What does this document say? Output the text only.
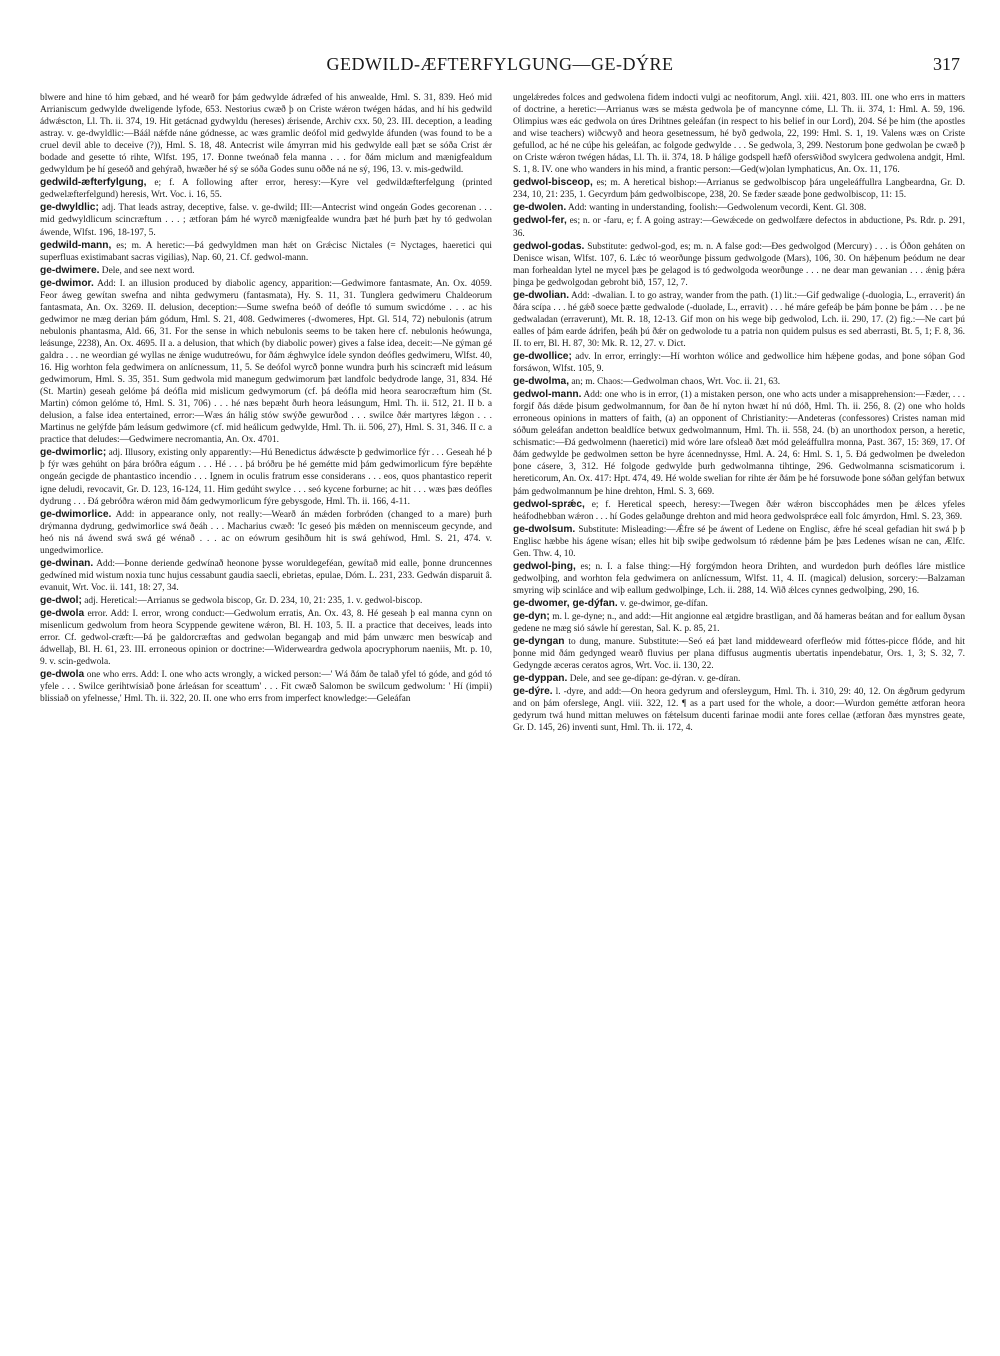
GEDWILD-ÆFTERFYLGUNG—GE-DÝRE	317

blwere and hine tó him gebæd, and hé wearð for þám gedwylde ádræfed of his anwealde, Hml. S. 31, 839. Heó mid Arrianiscum gedwylde dweligende lyfode, 653. Nestorius cwæð þ on Criste wǽron twégen hádas, and hí his gedwild ádwǽscton, Ll. Th. ii. 374, 19. Hit getácnad gydwyldu (hereses) ǽrisende, Archiv cxx. 50, 23. III. deception, a leading astray. v. ge-dwyldlic:—Báál nǽfde náne gódnesse, ac wæs gramlic deófol mid gedwylde áfunden (was found to be a cruel devil able to deceive (?)), Hml. S. 18, 48. Antecrist wile ámyrran mid his gedwylde eall þæt se sóða Crist ǽr bodade and gesette tó rihte, Wlfst. 195, 17. Ðonne tweónað fela manna . . . for ðám miclum and mænigfealdum gedwyldum þe hí geseóð and gehýrað, hwæðer hé sý se sóða Godes sunu oððe ná ne sý, 196, 13. v. mis-gedwild.

gedwild-æfterfylgung, e; f. A following after error, heresy:—Kyre vel gedwildæfterfelgung (printed gedwelæfterfelgund) heresis, Wrt. Voc. i. 16, 55.

ge-dwyldlic; adj. That leads astray, deceptive, false. v. ge-dwild; III:—Antecrist wind ongeán Godes gecorenan . . . mid gedwyldlicum scincræftum . . . ; ætforan þám hé wyrcð mænigfealde wundra þæt hé þurh þæt hy tó gedwolan áwende, Wlfst. 196, 18-197, 5.

gedwild-mann, es; m. A heretic:—Þá gedwyldmen man hǽt on Grǽcisc Nictales (= Nyctages, haeretici qui superfluas existimabant sacras vigilias), Nap. 60, 21. Cf. gedwol-mann.

ge-dwimere. Dele, and see next word.

ge-dwimor. Add: I. an illusion produced by diabolic agency, apparition:—Gedwimore fantasmate, An. Ox. 4059. Feor áweg gewítan swefna and nihta gedwymeru (fantasmata), Hy. S. 11, 31. Tunglera gedwimeru Chaldeorum fantasmata, An. Ox. 3269. II. delusion, deception:—Sume swefna beóð of deófle tó sumum swicdóme . . . ac his gedwimor ne mæg derian þám gódum, Hml. S. 21, 408. Gedwimeres (-dwomeres, Hpt. Gl. 514, 72) nebulonis (atrum nebulonis phantasma, Ald. 66, 31. For the sense in which nebulonis seems to be taken here cf. nebulonis heówunga, leásunge, 2238), An. Ox. 4695. II a. a delusion, that which (by diabolic power) gives a false idea, deceit:—Ne gýman gé galdra . . . ne weordian gé wyllas ne ǽnige wudutreówu, for ðám ǽghwylce ídele syndon deófles gedwimeru, Wlfst. 40, 16. Hig worhton fela gedwimera on anlícnessum, 11, 5. Se deófol wyrcð þonne wundra þurh his scincræft mid leásum gedwimorum, Hml. S. 35, 351. Sum gedwola mid manegum gedwimorum þæt landfolc bedydrode lange, 31, 834. Hé (St. Martin) geseah gelóme þá deófla mid mislicum gedwymorum (cf. þá deófla mid heora searocræftum him (St. Martin) cómon gelóme tó, Hml. S. 31, 706) . . . hé næs bepæht ðurh heora leásungum, Hml. Th. ii. 512, 21. II b. a delusion, a false idea entertained, error:—Wæs án hálig stów swýðe gewurðod . . . swilce ðǽr martyres lǽgon . . . Martinus ne gelýfde þám leásum gedwimore (cf. mid heálicum gedwylde, Hml. Th. ii. 506, 27), Hml. S. 31, 346. II c. a practice that deludes:—Gedwimere necromantia, An. Ox. 4701.

ge-dwimorlic; adj. Illusory, existing only apparently:—Hú Benedictus ádwǽscte þ gedwimorlice fýr . . . Geseah hé þ þ fýr wæs gehúht on þára bróðra eágum . . . Hé . . . þá bróðru þe hé gemétte mid þám gedwimorlicum fýre bepǽhte ongeán gecigde de phantastico incendio . . . Ignem in oculis fratrum esse considerans . . . eos, quos phantastico reperit igne deludi, revocavit, Gr. D. 123, 16-124, 11. Him gedúht swylce . . . seó kycene forburne; ac hit . . . wæs þæs deófles dydrung . . . Ðá gebróðra wǽron mid ðám gedwymorlicum fýre gebysgode, Hml. Th. ii. 166, 4-11.

ge-dwimorlice. Add: in appearance only, not really:—Wearð án mǽden forbróden (changed to a mare) þurh drýmanna dydrung, gedwimorlice swá ðeáh . . . Macharius cwæð: 'Ic geseó þis mǽden on mennisceum gecynde, and heó nis ná áwend swá swá gé wénað . . . ac on eówrum gesihðum hit is swá gehíwod, Hml. S. 21, 474. v. ungedwimorlice.

ge-dwinan. Add:—Þonne deriende gedwínað heonone þysse woruldegeféan, gewítað mid ealle, þonne druncennes gedwíned mid wistum noxia tunc hujus cessabunt gaudia saecli, ebrietas, epulae, Dóm. L. 231, 233. Gedwán disparuit â. evanuit, Wrt. Voc. ii. 141, 18: 27, 34.

ge-dwol; adj. Heretical:—Arrianus se gedwola biscop, Gr. D. 234, 10, 21: 235, 1. v. gedwol-biscop.

ge-dwola error. Add: I. error, wrong conduct:—Gedwolum erratis, An. Ox. 43, 8. Hé geseah þ eal manna cynn on misenlicum gedwolum from heora Scyppende gewitene wǽron, Bl. H. 103, 5. II. a practice that deceives, leads into error. Cf. gedwol-cræft:—Þá þe galdorcræftas and gedwolan begangaþ and mid þám unwærc men beswícaþ and ádwellaþ, Bl. H. 61, 23. III. erroneous opinion or doctrine:—Widerweardra gedwola apocryphorum naeniis, Mt. p. 10, 9. v. scin-gedwola.

ge-dwola one who errs. Add: I. one who acts wrongly, a wicked person:—' Wá ðám ðe talað yfel tó góde, and gód tó yfele . . . Swilce gerihtwísiað þone árleásan for sceattum' . . . Fit cwæð Salomon be swilcum gedwolum: ' Hí (impii) blissiað on yfelnesse,' Hml. Th. ii. 322, 20. II. one who errs from imperfect knowledge:—Geleáfan

ungelǽredes folces and gedwolena fidem indocti vulgi ac neofitorum, Angl. xiii. 421, 803. III. one who errs in matters of doctrine, a heretic:—Arrianus wæs se mǽsta gedwola þe of mancynne cóme, Ll. Th. ii. 374, 1: Hml. A. 59, 196. Olimpius wæs eác gedwola on úres Drihtnes geleáfan (in respect to his belief in our Lord), 204. Sé þe him (the apostles and wise teachers) wiðcwyð and heora gesetnessum, hé byð gedwola, 22, 199: Hml. S. 1, 19. Valens wæs on Criste gefullod, ac hé ne cúþe his geleáfan, ac folgode gedwylde . . . Se gedwola, 3, 299. Nestorum þone gedwolan þe cwæð þ on Criste wǽron twégen hádas, Ll. Th. ii. 374, 18. Þ hálige godspell hæfð ofersw̄iðod swylcera gedwolena andgit, Hml. S. 1, 8. IV. one who wanders in his mind, a frantic person:—Ged(w)olan lymphaticus, An. Ox. 11, 176.

gedwol-bisceop, es; m. A heretical bishop:—Arrianus se gedwolbiscop þára ungeleáffullra Langbeardna, Gr. D. 234, 10, 21: 235, 1. Gecyrdum þám gedwolbiscope, 238, 20. Se fæder sæade þone gedwolbiscop, 11: 15.

ge-dwolen. Add: wanting in understanding, foolish:—Gedwolenum vecordi, Kent. Gl. 308.

gedwol-fer, es; n. or -faru, e; f. A going astray:—Gewǽcede on gedwolfære defectos in abductione, Ps. Rdr. p. 291, 36.

gedwol-godas. Substitute: gedwol-god, es; m. n. A false god:—Ðes gedwolgod (Mercury) . . . is Óðon geháten on Denisce wisan, Wlfst. 107, 6. Lǽc tó weorðunge þissum gedwolgode (Mars), 106, 30. On hǽþenum þeódum ne dear man forhealdan lytel ne mycel þæs þe gelagod is tó gedwolgoda weorðunge . . . ne dear man gewanian . . . ǽnig þǽra þinga þe gedwolgodan gebroht bið, 157, 12, 7.

ge-dwolian. Add: -dwalian. I. to go astray, wander from the path. (1) lit.:—Gif gedwalige (-duologia, L., erraverit) án ðára scípa . . . hé gǽð soece þætte gedwalode (-duolade, L., erravit) . . . hé máre gefeáþ be þám þonne be þám . . . þe ne gedwaladan (erraverunt), Mt. R. 18, 12-13. Gif mon on his wege biþ gedwolod, Lch. ii. 290, 17. (2) fig.:—Ne cart þú ealles of þám earde ádrifen, þeáh þú ðǽr on gedwolode tu a patria non quidem pulsus es sed aberrasti, Bt. 5, 1; F. 8, 36. II. to err, Bl. H. 87, 30: Mk. R. 12, 27. v. Dict.

ge-dwollice; adv. In error, erringly:—Hí worhton wólice and gedwollice him hǽþene godas, and þone sóþan God forsáwon, Wlfst. 105, 9.

ge-dwolma, an; m. Chaos:—Gedwolman chaos, Wrt. Voc. ii. 21, 63.

gedwol-mann. Add: one who is in error, (1) a mistaken person, one who acts under a misapprehension:—Fæder, . . . forgif ðás dǽde þisum gedwolmannum, for ðan ðe hí nyton hwæt hí nú dóð, Hml. Th. ii. 256, 8. (2) one who holds erroneous opinions in matters of faith, (a) an opponent of Christianity:—Andeteras (confessores) Cristes naman mid sóðum geleáfan andetton bealdlíce betwux gedwolmannum, Hml. Th. ii. 558, 24. (b) an unorthodox person, a heretic, schismatic:—Ðá gedwolmenn (haeretici) mid wóre lare ofsleað ðæt mód geleáffullra monna, Past. 367, 15: 369, 17. Of ðám gedwylde þe gedwolmen setton be hyre ácennednysse, Hml. A. 24, 6: Hml. S. 1, 5. Ðá gedwolmen þe dweledon þone cásere, 3, 312. Hé folgode gedwylde þurh gedwolmanna tihtinge, 296. Gedwolmanna scismaticorum i. hereticorum, An. Ox. 417: Hpt. 474, 49. Hé wolde swelian for rihte ǽr ðám þe hé forsuwode þone sóðan gelýfan betwux þám gedwolmannum þe hine drehton, Hml. S. 3, 669.

gedwol-sprǽc, e; f. Heretical speech, heresy:—Twegen ðǽr wǽron bisccophádes men þe ǽlces yfeles heáfodhebban wǽron . . . hí Godes gelaðunge drehton and mid heora gedwolsprǽce eall folc ámyrdon, Hml. S. 23, 369.

ge-dwolsum. Substitute: Misleading:—Ǽfre sé þe áwent of Ledene on Englisc, ǽfre hé sceal gefadian hit swá þ þ Englisc hæbbe his ágene wísan; elles hit biþ swiþe gedwolsum tó rǽdenne þám þe þæs Ledenes wísan ne can, Ælfc. Gen. Thw. 4, 10.

gedwol-þing, es; n. I. a false thing:—Hý forgýmdon heora Drihten, and wurdedon þurh deófles láre mistlice gedwolþing, and worhton fela gedwimera on anlícnessum, Wlfst. 11, 4. II. (magical) delusion, sorcery:—Balzaman smyring wiþ scinláce and wiþ eallum gedwolþinge, Lch. ii. 288, 14. Wið ǽlces cynnes gedwolþing, 290, 16.

ge-dwomer, ge-dýfan. v. ge-dwimor, ge-dífan.

ge-dyn; m. l. ge-dyne; n., and add:—Hit angionne eal ætgidre brastligan, and ðá hameras beátan and for eallum ðysan gedene ne mæg sió sáwle hí gerestan, Sal. K. p. 85, 21.

ge-dyngan to dung, manure. Substitute:—Seó eá þæt land middeweard oferfleów mid fóttes-picce flóde, and hit þonne mid ðám gedynged wearð fluvius per plana diffusus augmentis ubertatis inpendebatur, Ors. 1, 3; S. 32, 7. Gedyngde æceras ceratos agros, Wrt. Voc. ii. 130, 22.

ge-dyppan. Dele, and see ge-dípan: ge-dýran. v. ge-díran.

ge-dýre. l. -dyre, and add:—On heora gedyrum and ofersleygum, Hml. Th. i. 310, 29: 40, 12. On ǽgðrum gedyrum and on þám oferslege, Angl. viii. 322, 12. ¶ as a part used for the whole, a door:—Wurdon gemétte ætforan heora gedyrum twá hund mittan meluwes on fǽtelsum ducenti farinae modii ante fores cellae (ætforan ðæs mynstres geate, Gr. D. 145, 26) inventi sunt, Hml. Th. ii. 172, 4.
